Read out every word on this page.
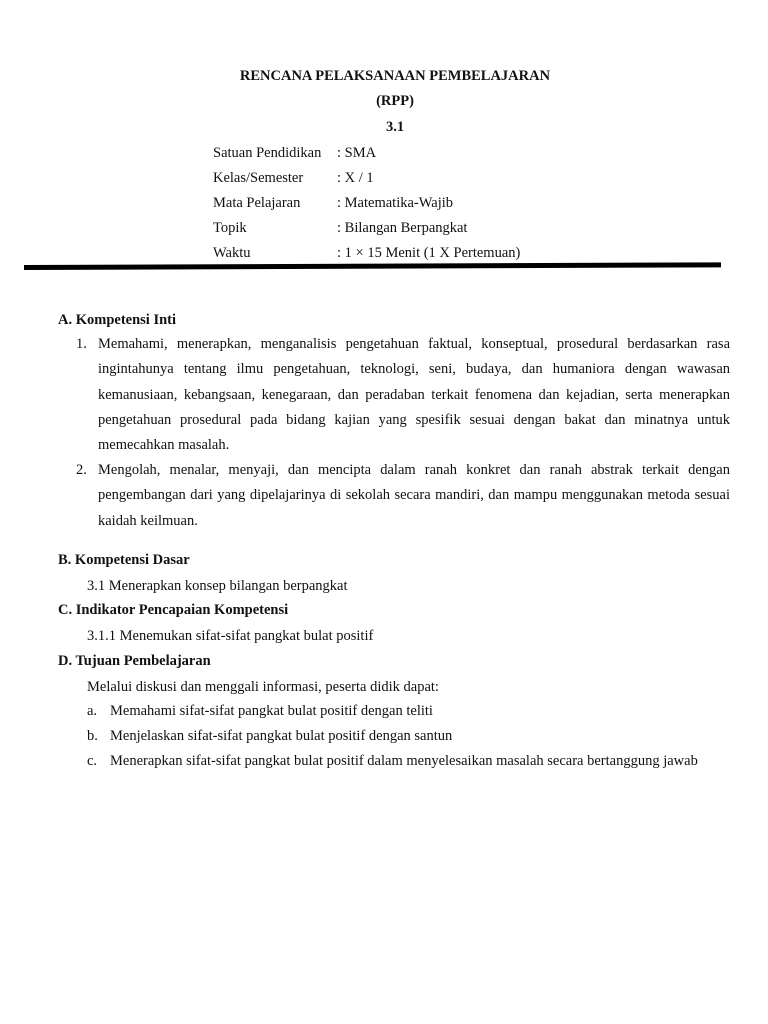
RENCANA PELAKSANAAN PEMBELAJARAN
(RPP)
3.1
Satuan Pendidikan : SMA
Kelas/Semester : X / 1
Mata Pelajaran	: Matematika-Wajib
Topik	: Bilangan Berpangkat
Waktu	: 1 × 15 Menit (1 X Pertemuan)
A. Kompetensi Inti
1. Memahami, menerapkan, menganalisis pengetahuan faktual, konseptual, prosedural berdasarkan rasa ingintahunya tentang ilmu pengetahuan, teknologi, seni, budaya, dan humaniora dengan wawasan kemanusiaan, kebangsaan, kenegaraan, dan peradaban terkait fenomena dan kejadian, serta menerapkan pengetahuan prosedural pada bidang kajian yang spesifik sesuai dengan bakat dan minatnya untuk memecahkan masalah.
2. Mengolah, menalar, menyaji, dan mencipta dalam ranah konkret dan ranah abstrak terkait dengan pengembangan dari yang dipelajarinya di sekolah secara mandiri, dan mampu menggunakan metoda sesuai kaidah keilmuan.
B. Kompetensi Dasar
3.1 Menerapkan konsep bilangan berpangkat
C. Indikator Pencapaian Kompetensi
3.1.1 Menemukan sifat-sifat pangkat bulat positif
D. Tujuan Pembelajaran
Melalui diskusi dan menggali informasi, peserta didik dapat:
a. Memahami sifat-sifat pangkat bulat positif dengan teliti
b. Menjelaskan sifat-sifat pangkat bulat positif dengan santun
c. Menerapkan sifat-sifat pangkat bulat positif dalam menyelesaikan masalah secara bertanggung jawab
